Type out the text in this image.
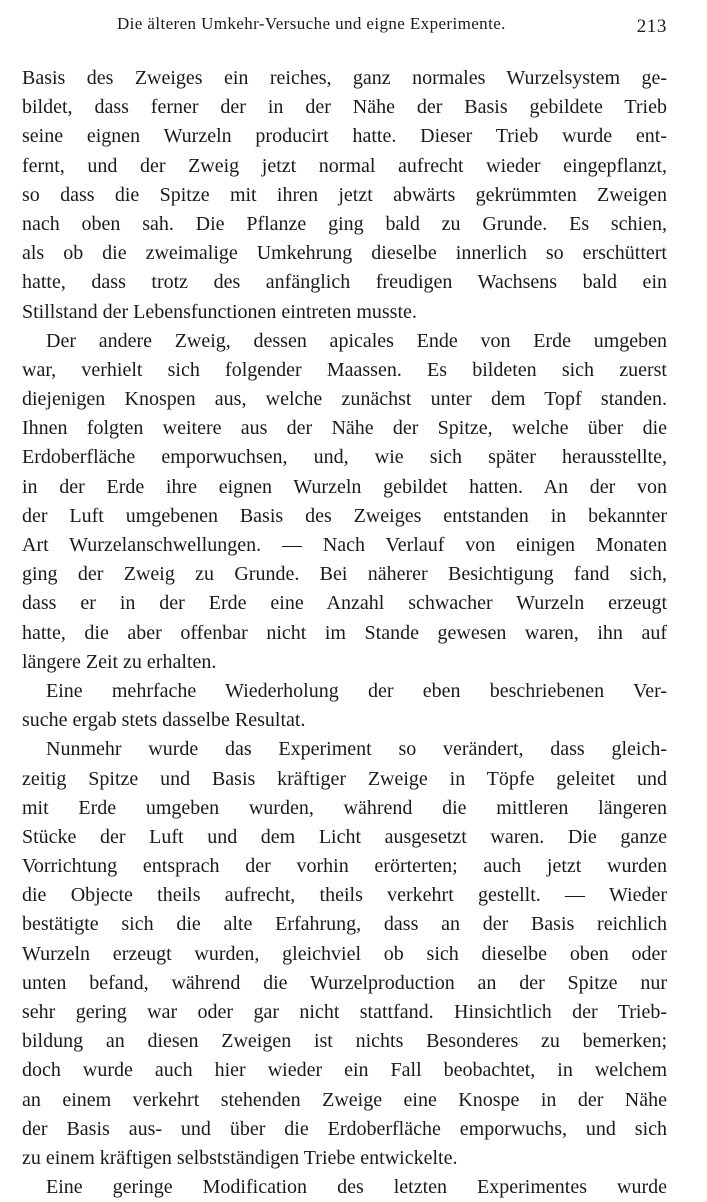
Die älteren Umkehr-Versuche und eigne Experimente.	213
Basis des Zweiges ein reiches, ganz normales Wurzelsystem ge-
bildet, dass ferner der in der Nähe der Basis gebildete Trieb
seine eignen Wurzeln producirt hatte. Dieser Trieb wurde ent-
fernt, und der Zweig jetzt normal aufrecht wieder eingepflanzt,
so dass die Spitze mit ihren jetzt abwärts gekrümmten Zweigen
nach oben sah. Die Pflanze ging bald zu Grunde. Es schien,
als ob die zweimalige Umkehrung dieselbe innerlich so erschüttert
hatte, dass trotz des anfänglich freudigen Wachsens bald ein
Stillstand der Lebensfunctionen eintreten musste.
Der andere Zweig, dessen apicales Ende von Erde umgeben
war, verhielt sich folgender Maassen. Es bildeten sich zuerst
diejenigen Knospen aus, welche zunächst unter dem Topf standen.
Ihnen folgten weitere aus der Nähe der Spitze, welche über die
Erdoberfläche emporwuchsen, und, wie sich später herausstellte,
in der Erde ihre eignen Wurzeln gebildet hatten. An der von
der Luft umgebenen Basis des Zweiges entstanden in bekannter
Art Wurzelanschwellungen. — Nach Verlauf von einigen Monaten
ging der Zweig zu Grunde. Bei näherer Besichtigung fand sich,
dass er in der Erde eine Anzahl schwacher Wurzeln erzeugt
hatte, die aber offenbar nicht im Stande gewesen waren, ihn auf
längere Zeit zu erhalten.
Eine mehrfache Wiederholung der eben beschriebenen Ver-
suche ergab stets dasselbe Resultat.
Nunmehr wurde das Experiment so verändert, dass gleich-
zeitig Spitze und Basis kräftiger Zweige in Töpfe geleitet und
mit Erde umgeben wurden, während die mittleren längeren
Stücke der Luft und dem Licht ausgesetzt waren. Die ganze
Vorrichtung entsprach der vorhin erörterten; auch jetzt wurden
die Objecte theils aufrecht, theils verkehrt gestellt. — Wieder
bestätigte sich die alte Erfahrung, dass an der Basis reichlich
Wurzeln erzeugt wurden, gleichviel ob sich dieselbe oben oder
unten befand, während die Wurzelproduction an der Spitze nur
sehr gering war oder gar nicht stattfand. Hinsichtlich der Trieb-
bildung an diesen Zweigen ist nichts Besonderes zu bemerken;
doch wurde auch hier wieder ein Fall beobachtet, in welchem
an einem verkehrt stehenden Zweige eine Knospe in der Nähe
der Basis aus- und über die Erdoberfläche emporwuchs, und sich
zu einem kräftigen selbstständigen Triebe entwickelte.
Eine geringe Modification des letzten Experimentes wurde
